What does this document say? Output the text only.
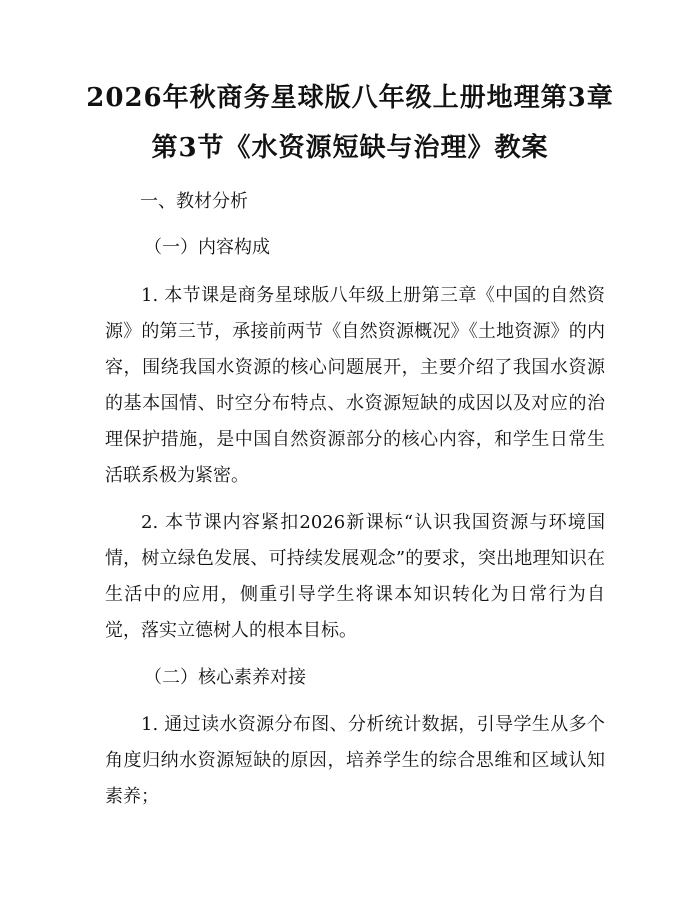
2026年秋商务星球版八年级上册地理第3章
第3节《水资源短缺与治理》教案
一、教材分析
（一）内容构成

1. 本节课是商务星球版八年级上册第三章《中国的自然资源》的第三节，承接前两节《自然资源概况》《土地资源》的内容，围绕我国水资源的核心问题展开，主要介绍了我国水资源的基本国情、时空分布特点、水资源短缺的成因以及对应的治理保护措施，是中国自然资源部分的核心内容，和学生日常生活联系极为紧密。

2. 本节课内容紧扣2026新课标“认识我国资源与环境国情，树立绿色发展、可持续发展观念”的要求，突出地理知识在生活中的应用，侧重引导学生将课本知识转化为日常行为自觉，落实立德树人的根本目标。

（二）核心素养对接

1. 通过读水资源分布图、分析统计数据，引导学生从多个角度归纳水资源短缺的原因，培养学生的综合思维和区域认知素养；
